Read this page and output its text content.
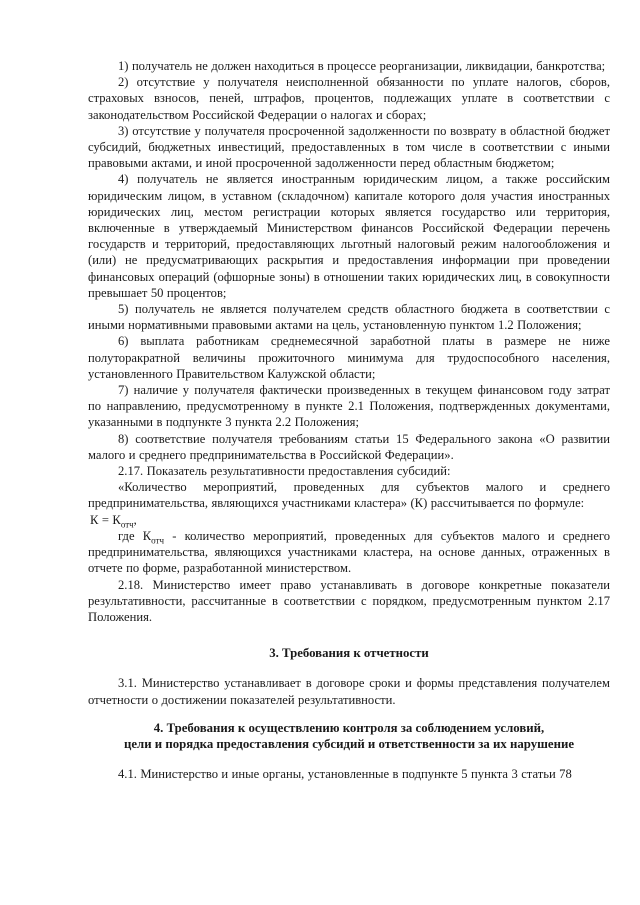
1) получатель не должен находиться в процессе реорганизации, ликвидации, банкротства;

2) отсутствие у получателя неисполненной обязанности по уплате налогов, сборов, страховых взносов, пеней, штрафов, процентов, подлежащих уплате в соответствии с законодательством Российской Федерации о налогах и сборах;

3) отсутствие у получателя просроченной задолженности по возврату в областной бюджет субсидий, бюджетных инвестиций, предоставленных в том числе в соответствии с иными правовыми актами, и иной просроченной задолженности перед областным бюджетом;

4) получатель не является иностранным юридическим лицом, а также российским юридическим лицом, в уставном (складочном) капитале которого доля участия иностранных юридических лиц, местом регистрации которых является государство или территория, включенные в утверждаемый Министерством финансов Российской Федерации перечень государств и территорий, предоставляющих льготный налоговый режим налогообложения и (или) не предусматривающих раскрытия и предоставления информации при проведении финансовых операций (офшорные зоны) в отношении таких юридических лиц, в совокупности превышает 50 процентов;

5) получатель не является получателем средств областного бюджета в соответствии с иными нормативными правовыми актами на цель, установленную пунктом 1.2 Положения;

6) выплата работникам среднемесячной заработной платы в размере не ниже полуторакратной величины прожиточного минимума для трудоспособного населения, установленного Правительством Калужской области;

7) наличие у получателя фактически произведенных в текущем финансовом году затрат по направлению, предусмотренному в пункте 2.1 Положения, подтвержденных документами, указанными в подпункте 3 пункта 2.2 Положения;

8) соответствие получателя требованиям статьи 15 Федерального закона «О развитии малого и среднего предпринимательства в Российской Федерации».

2.17. Показатель результативности предоставления субсидий:

«Количество мероприятий, проведенных для субъектов малого и среднего предпринимательства, являющихся участниками кластера» (К) рассчитывается по формуле:

$К = К_{отч}$,

где $К_{отч}$ - количество мероприятий, проведенных для субъектов малого и среднего предпринимательства, являющихся участниками кластера, на основе данных, отраженных в отчете по форме, разработанной министерством.

2.18. Министерство имеет право устанавливать в договоре конкретные показатели результативности, рассчитанные в соответствии с порядком, предусмотренным пунктом 2.17 Положения.

3. Требования к отчетности

3.1. Министерство устанавливает в договоре сроки и формы представления получателем отчетности о достижении показателей результативности.

4. Требования к осуществлению контроля за соблюдением условий,
цели и порядка предоставления субсидий и ответственности за их нарушение

4.1. Министерство и иные органы, установленные в подпункте 5 пункта 3 статьи 78
